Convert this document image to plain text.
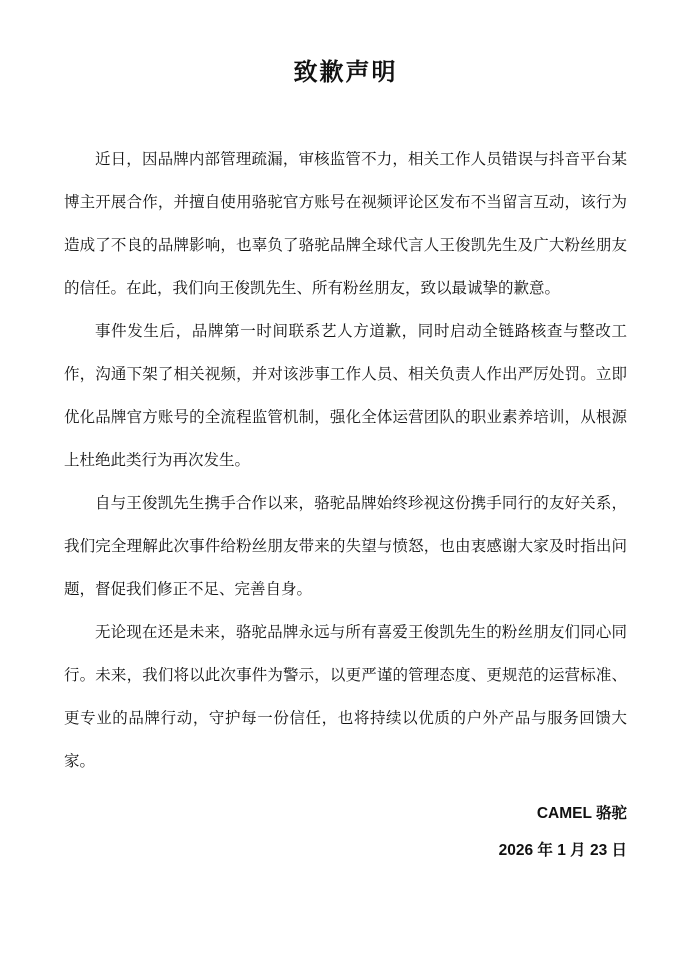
致歉声明

近日，因品牌内部管理疏漏，审核监管不力，相关工作人员错误与抖音平台某博主开展合作，并擅自使用骆驼官方账号在视频评论区发布不当留言互动，该行为造成了不良的品牌影响，也辜负了骆驼品牌全球代言人王俊凯先生及广大粉丝朋友的信任。在此，我们向王俊凯先生、所有粉丝朋友，致以最诚挚的歉意。

事件发生后，品牌第一时间联系艺人方道歉，同时启动全链路核查与整改工作，沟通下架了相关视频，并对该涉事工作人员、相关负责人作出严厉处罚。立即优化品牌官方账号的全流程监管机制，强化全体运营团队的职业素养培训，从根源上杜绝此类行为再次发生。

自与王俊凯先生携手合作以来，骆驼品牌始终珍视这份携手同行的友好关系，我们完全理解此次事件给粉丝朋友带来的失望与愤怒，也由衷感谢大家及时指出问题，督促我们修正不足、完善自身。

无论现在还是未来，骆驼品牌永远与所有喜爱王俊凯先生的粉丝朋友们同心同行。未来，我们将以此次事件为警示，以更严谨的管理态度、更规范的运营标准、更专业的品牌行动，守护每一份信任，也将持续以优质的户外产品与服务回馈大家。

CAMEL 骆驼
2026 年 1 月 23 日
